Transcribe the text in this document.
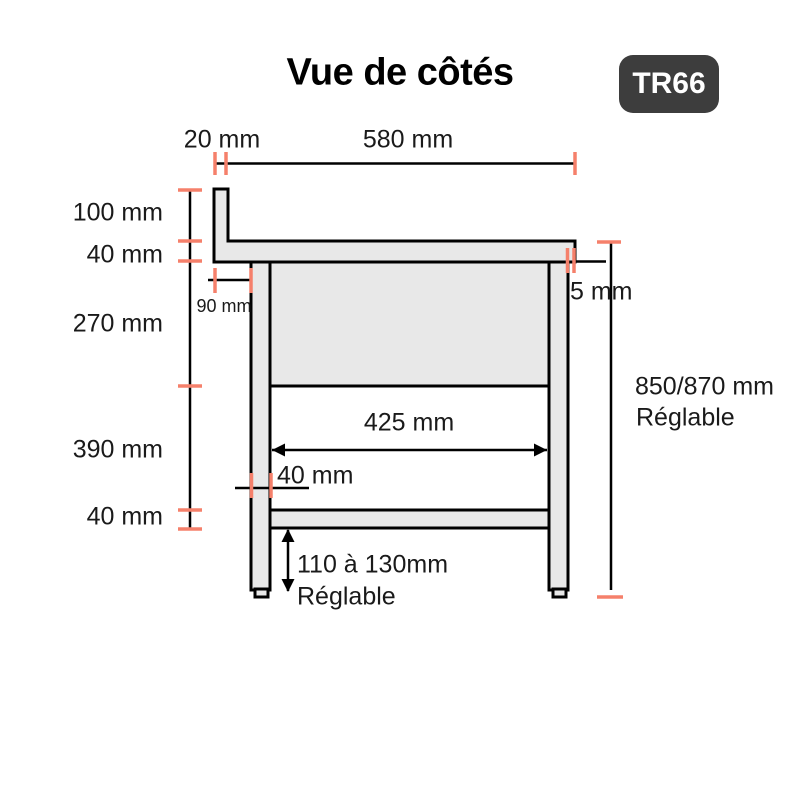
Vue de côtés	TR66
20 mm	580 mm
100 mm
40 mm
270 mm
390 mm
40 mm
90 mm
5 mm
850/870 mm
Réglable
425 mm
40 mm
110 à 130mm
Réglable
